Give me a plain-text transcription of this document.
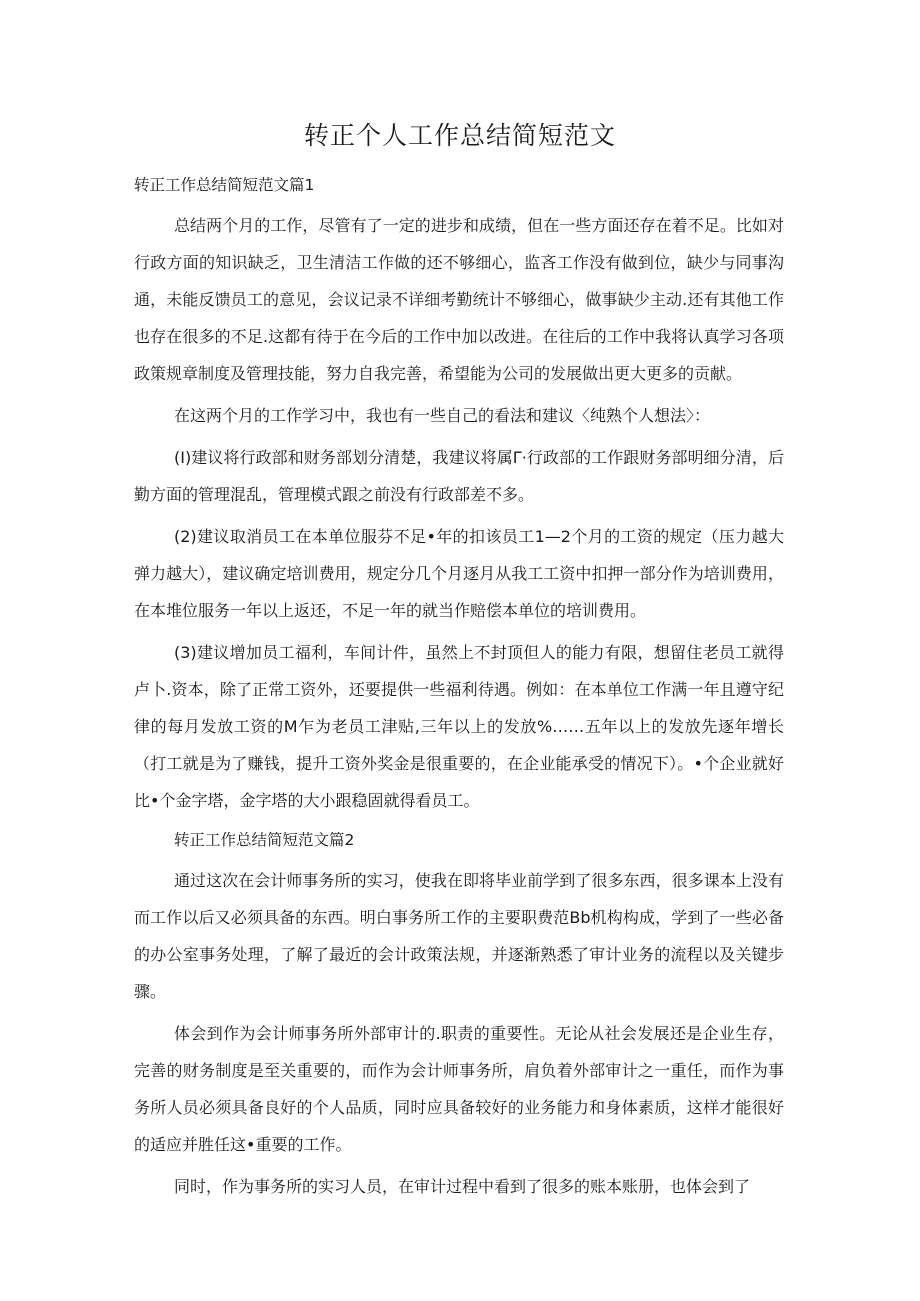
转正个人工作总结简短范文

转正工作总结简短范文篇1

总结两个月的工作，尽管有了一定的进步和成绩，但在一些方面还存在着不足。比如对行政方面的知识缺乏，卫生清洁工作做的还不够细心，监吝工作没有做到位，缺少与同事沟通，未能反馈员工的意见，会议记录不详细考勤统计不够细心，做事缺少主动.还有其他工作也存在很多的不足.这都有待于在今后的工作中加以改进。在往后的工作中我将认真学习各项政策规章制度及管理技能，努力自我完善，希望能为公司的发展做出更大更多的贡献。

在这两个月的工作学习中，我也有一些自己的看法和建议〈纯熟个人想法〉：

(I)建议将行政部和财务部划分清楚，我建议将属Γ·行政部的工作跟财务部明细分清，后勤方面的管理混乱，管理模式跟之前没有行政部差不多。

(2)建议取消员工在本单位服芬不足•年的扣该员工1—2个月的工资的规定（压力越大弹力越大），建议确定培训费用，规定分几个月逐月从我工工资中扣押一部分作为培训费用，在本堆位服务一年以上返还，不足一年的就当作赔偿本单位的培训费用。

(3)建议增加员工福利，车间计件，虽然上不封顶但人的能力有限，想留住老员工就得卢卜.资本，除了正常工资外，还要提供一些福利待遇。例如：在本单位工作满一年且遵守纪律的每月发放工资的M乍为老员工津贴,三年以上的发放%……五年以上的发放先逐年增长（打工就是为了赚钱，提升工资外奖金是很重要的，在企业能承受的情况下）。•个企业就好比•个金字塔，金字塔的大小跟稳固就得看员工。

转正工作总结简短范文篇2

通过这次在会计师事务所的实习，使我在即将毕业前学到了很多东西，很多课本上没有而工作以后又必须具备的东西。明白事务所工作的主要职费范Bb机构构成，学到了一些必备的办公室事务处理，了解了最近的会计政策法规，并逐渐熟悉了审计业务的流程以及关键步骤。

体会到作为会计师事务所外部审计的.职责的重要性。无论从社会发展还是企业生存，完善的财务制度是至关重要的，而作为会计师事务所，肩负着外部审计之一重任，而作为事务所人员必须具备良好的个人品质，同时应具备较好的业务能力和身体素质，这样才能很好的适应并胜任这•重要的工作。

同时，作为事务所的实习人员，在审计过程中看到了很多的账本账册，也体会到了
